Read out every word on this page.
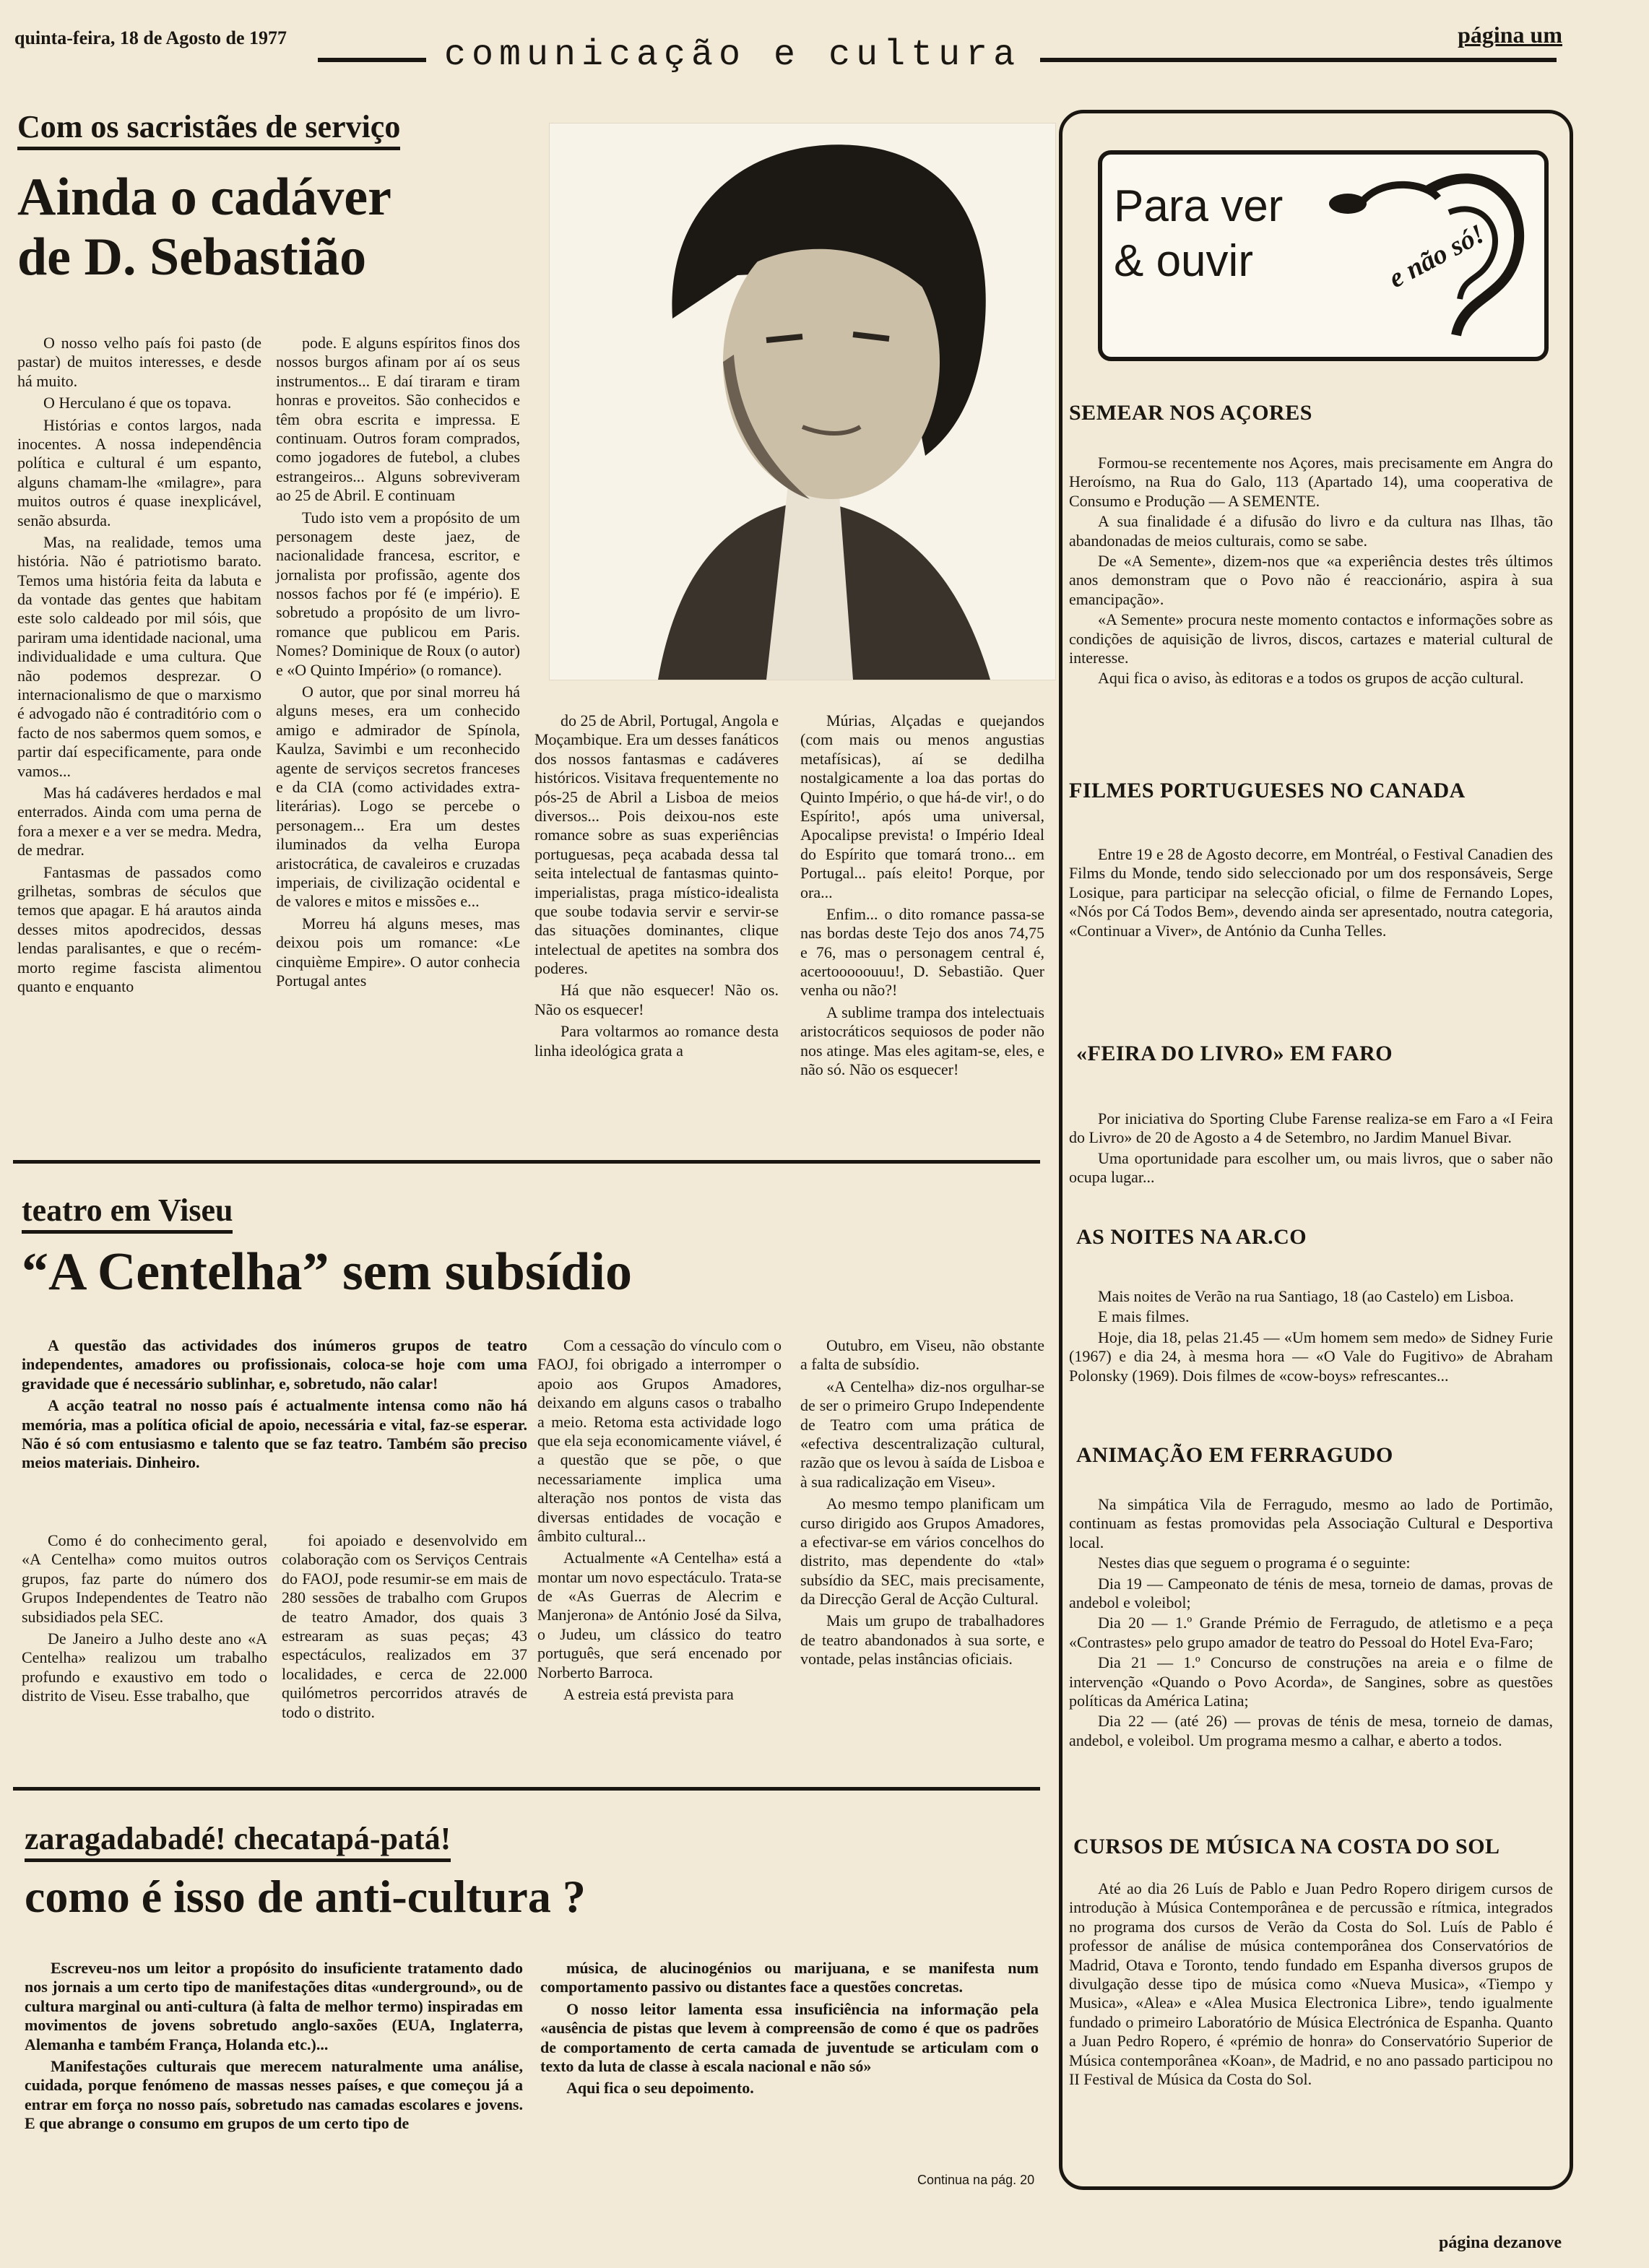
quinta-feira, 18 de Agosto de 1977	comunicação e cultura	página um
Com os sacristães de serviço
Ainda o cadáver
de D. Sebastião

O nosso velho país foi pasto (de pastar) de muitos interesses, e desde há muito.

O Herculano é que os topava.

Histórias e contos largos, nada inocentes. A nossa independência política e cultural é um espanto, alguns chamam-lhe «milagre», para muitos outros é quase inexplicável, senão absurda.

Mas, na realidade, temos uma história. Não é patriotismo barato. Temos uma história feita da labuta e da vontade das gentes que habitam este solo caldeado por mil sóis, que pariram uma identidade nacional, uma individualidade e uma cultura. Que não podemos desprezar. O internacionalismo de que o marxismo é advogado não é contraditório com o facto de nos sabermos quem somos, e partir daí especificamente, para onde vamos...

Mas há cadáveres herdados e mal enterrados. Ainda com uma perna de fora a mexer e a ver se medra. Medra, de medrar.

Fantasmas de passados como grilhetas, sombras de séculos que temos que apagar. E há arautos ainda desses mitos apodrecidos, dessas lendas paralisantes, e que o recém-morto regime fascista alimentou quanto e enquanto

pode. E alguns espíritos finos dos nossos burgos afinam por aí os seus instrumentos... E daí tiraram e tiram honras e proveitos. São conhecidos e têm obra escrita e impressa. E continuam. Outros foram comprados, como jogadores de futebol, a clubes estrangeiros... Alguns sobreviveram ao 25 de Abril. E continuam

Tudo isto vem a propósito de um personagem deste jaez, de nacionalidade francesa, escritor, e jornalista por profissão, agente dos nossos fachos por fé (e império). E sobretudo a propósito de um livro-romance que publicou em Paris. Nomes? Dominique de Roux (o autor) e «O Quinto Império» (o romance).

O autor, que por sinal morreu há alguns meses, era um conhecido amigo e admirador de Spínola, Kaulza, Savimbi e um reconhecido agente de serviços secretos franceses e da CIA (como actividades extra-literárias). Logo se percebe o personagem... Era um destes iluminados da velha Europa aristocrática, de cavaleiros e cruzadas imperiais, de civilização ocidental e de valores e mitos e missões e...

Morreu há alguns meses, mas deixou pois um romance: «Le cinquième Empire». O autor conhecia Portugal antes

do 25 de Abril, Portugal, Angola e Moçambique. Era um desses fanáticos dos nossos fantasmas e cadáveres históricos. Visitava frequentemente no pós-25 de Abril a Lisboa de meios diversos... Pois deixou-nos este romance sobre as suas experiências portuguesas, peça acabada dessa tal seita intelectual de fantasmas quinto-imperialistas, praga místico-idealista que soube todavia servir e servir-se das situações dominantes, clique intelectual de apetites na sombra dos poderes.

Há que não esquecer! Não os. Não os esquecer!

Para voltarmos ao romance desta linha ideológica grata a

Múrias, Alçadas e quejandos (com mais ou menos angustias metafísicas), aí se dedilha nostalgicamente a loa das portas do Quinto Império, o que há-de vir!, o do Espírito!, após uma universal, Apocalipse prevista! o Império Ideal do Espírito que tomará trono... em Portugal... país eleito! Porque, por ora...

Enfim... o dito romance passa-se nas bordas deste Tejo dos anos 74,75 e 76, mas o personagem central é, acertooooouuu!, D. Sebastião. Quer venha ou não?!

A sublime trampa dos intelectuais aristocráticos sequiosos de poder não nos atinge. Mas eles agitam-se, eles, e não só. Não os esquecer!

teatro em Viseu
“A Centelha” sem subsídio

A questão das actividades dos inúmeros grupos de teatro independentes, amadores ou profissionais, coloca-se hoje com uma gravidade que é necessário sublinhar, e, sobretudo, não calar!

A acção teatral no nosso país é actualmente intensa como não há memória, mas a política oficial de apoio, necessária e vital, faz-se esperar. Não é só com entusiasmo e talento que se faz teatro. Também são preciso meios materiais. Dinheiro.

Como é do conhecimento geral, «A Centelha» como muitos outros grupos, faz parte do número dos Grupos Independentes de Teatro não subsidiados pela SEC.

De Janeiro a Julho deste ano «A Centelha» realizou um trabalho profundo e exaustivo em todo o distrito de Viseu. Esse trabalho, que

foi apoiado e desenvolvido em colaboração com os Serviços Centrais do FAOJ, pode resumir-se em mais de 280 sessões de trabalho com Grupos de teatro Amador, dos quais 3 estrearam as suas peças; 43 espectáculos, realizados em 37 localidades, e cerca de 22.000 quilómetros percorridos através de todo o distrito.

Com a cessação do vínculo com o FAOJ, foi obrigado a interromper o apoio aos Grupos Amadores, deixando em alguns casos o trabalho a meio. Retoma esta actividade logo que ela seja economicamente viável, é a questão que se põe, o que necessariamente implica uma alteração nos pontos de vista das diversas entidades de vocação e âmbito cultural...

Actualmente «A Centelha» está a montar um novo espectáculo. Trata-se de «As Guerras de Alecrim e Manjerona» de António José da Silva, o Judeu, um clássico do teatro português, que será encenado por Norberto Barroca.

A estreia está prevista para

Outubro, em Viseu, não obstante a falta de subsídio.

«A Centelha» diz-nos orgulhar-se de ser o primeiro Grupo Independente de Teatro com uma prática de «efectiva descentralização cultural, razão que os levou à saída de Lisboa e à sua radicalização em Viseu».

Ao mesmo tempo planificam um curso dirigido aos Grupos Amadores, a efectivar-se em vários concelhos do distrito, mas dependente do «tal» subsídio da SEC, mais precisamente, da Direcção Geral de Acção Cultural.

Mais um grupo de trabalhadores de teatro abandonados à sua sorte, e vontade, pelas instâncias oficiais.

zaragadabadé! checatapá-patá!
como é isso de anti-cultura ?

Escreveu-nos um leitor a propósito do insuficiente tratamento dado nos jornais a um certo tipo de manifestações ditas «underground», ou de cultura marginal ou anti-cultura (à falta de melhor termo) inspiradas em movimentos de jovens sobretudo anglo-saxões (EUA, Inglaterra, Alemanha e também França, Holanda etc.)...

Manifestações culturais que merecem naturalmente uma análise, cuidada, porque fenómeno de massas nesses países, e que começou já a entrar em força no nosso país, sobretudo nas camadas escolares e jovens. E que abrange o consumo em grupos de um certo tipo de

música, de alucinogénios ou marijuana, e se manifesta num comportamento passivo ou distantes face a questões concretas.

O nosso leitor lamenta essa insuficiência na informação pela «ausência de pistas que levem à compreensão de como é que os padrões de comportamento de certa camada de juventude se articulam com o texto da luta de classe à escala nacional e não só»

Aqui fica o seu depoimento.

Continua na pág. 20
Para ver
& ouvir	e não só!
SEMEAR NOS AÇORES

Formou-se recentemente nos Açores, mais precisamente em Angra do Heroísmo, na Rua do Galo, 113 (Apartado 14), uma cooperativa de Consumo e Produção — A SEMENTE.

A sua finalidade é a difusão do livro e da cultura nas Ilhas, tão abandonadas de meios culturais, como se sabe.

De «A Semente», dizem-nos que «a experiência destes três últimos anos demonstram que o Povo não é reaccionário, aspira à sua emancipação».

«A Semente» procura neste momento contactos e informações sobre as condições de aquisição de livros, discos, cartazes e material cultural de interesse.

Aqui fica o aviso, às editoras e a todos os grupos de acção cultural.

FILMES PORTUGUESES NO CANADA

Entre 19 e 28 de Agosto decorre, em Montréal, o Festival Canadien des Films du Monde, tendo sido seleccionado por um dos responsáveis, Serge Losique, para participar na selecção oficial, o filme de Fernando Lopes, «Nós por Cá Todos Bem», devendo ainda ser apresentado, noutra categoria, «Continuar a Viver», de António da Cunha Telles.

«FEIRA DO LIVRO» EM FARO

Por iniciativa do Sporting Clube Farense realiza-se em Faro a «I Feira do Livro» de 20 de Agosto a 4 de Setembro, no Jardim Manuel Bivar.

Uma oportunidade para escolher um, ou mais livros, que o saber não ocupa lugar...

AS NOITES NA AR.CO

Mais noites de Verão na rua Santiago, 18 (ao Castelo) em Lisboa.

E mais filmes.

Hoje, dia 18, pelas 21.45 — «Um homem sem medo» de Sidney Furie (1967) e dia 24, à mesma hora — «O Vale do Fugitivo» de Abraham Polonsky (1969). Dois filmes de «cow-boys» refrescantes...

ANIMAÇÃO EM FERRAGUDO

Na simpática Vila de Ferragudo, mesmo ao lado de Portimão, continuam as festas promovidas pela Associação Cultural e Desportiva local.

Nestes dias que seguem o programa é o seguinte:

Dia 19 — Campeonato de ténis de mesa, torneio de damas, provas de andebol e voleibol;

Dia 20 — 1.º Grande Prémio de Ferragudo, de atletismo e a peça «Contrastes» pelo grupo amador de teatro do Pessoal do Hotel Eva-Faro;

Dia 21 — 1.º Concurso de construções na areia e o filme de intervenção «Quando o Povo Acorda», de Sangines, sobre as questões políticas da América Latina;

Dia 22 — (até 26) — provas de ténis de mesa, torneio de damas, andebol, e voleibol. Um programa mesmo a calhar, e aberto a todos.

CURSOS DE MÚSICA NA COSTA DO SOL

Até ao dia 26 Luís de Pablo e Juan Pedro Ropero dirigem cursos de introdução à Música Contemporânea e de percussão e rítmica, integrados no programa dos cursos de Verão da Costa do Sol. Luís de Pablo é professor de análise de música contemporânea dos Conservatórios de Madrid, Otava e Toronto, tendo fundado em Espanha diversos grupos de divulgação desse tipo de música como «Nueva Musica», «Tiempo y Musica», «Alea» e «Alea Musica Electronica Libre», tendo igualmente fundado o primeiro Laboratório de Música Electrónica de Espanha. Quanto a Juan Pedro Ropero, é «prémio de honra» do Conservatório Superior de Música contemporânea «Koan», de Madrid, e no ano passado participou no II Festival de Música da Costa do Sol.

página dezanove
